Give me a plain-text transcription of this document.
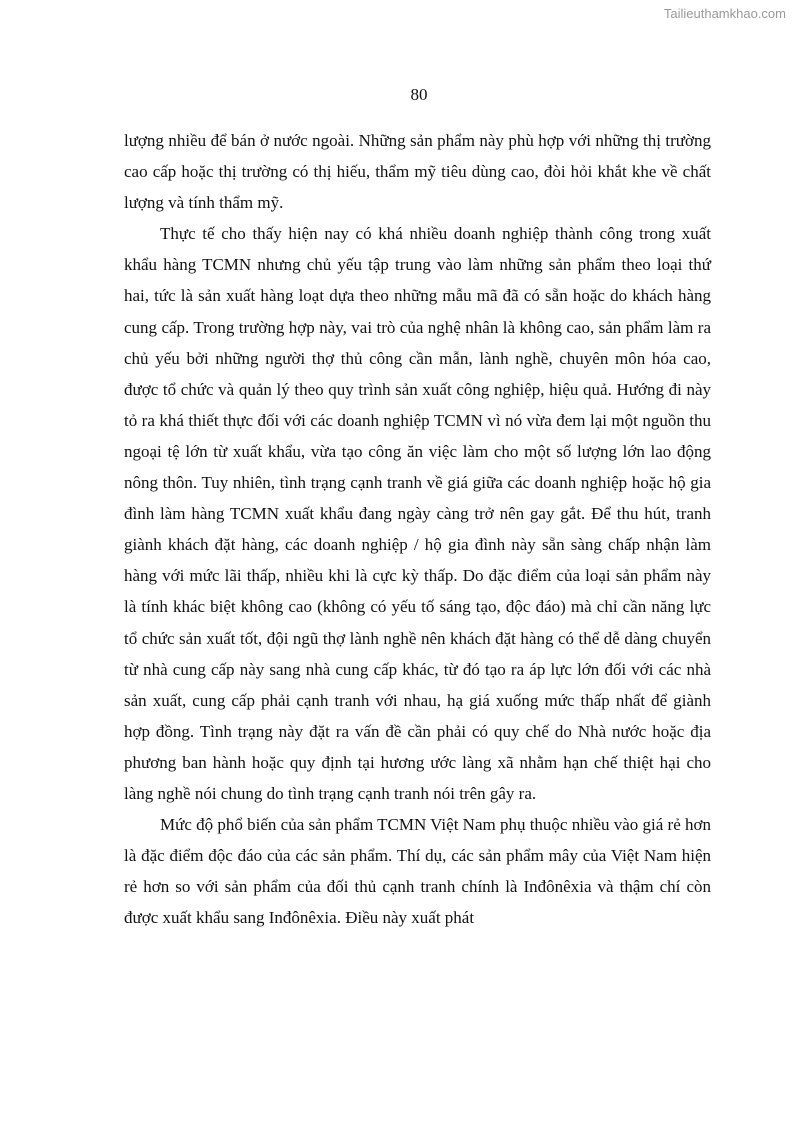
Tailieuthamkhao.com
80

lượng nhiều để bán ở nước ngoài. Những sản phẩm này phù hợp với những thị trường cao cấp hoặc thị trường có thị hiếu, thẩm mỹ tiêu dùng cao, đòi hỏi khắt khe về chất lượng và tính thẩm mỹ.

Thực tế cho thấy hiện nay có khá nhiều doanh nghiệp thành công trong xuất khẩu hàng TCMN nhưng chủ yếu tập trung vào làm những sản phẩm theo loại thứ hai, tức là sản xuất hàng loạt dựa theo những mẫu mã đã có sẵn hoặc do khách hàng cung cấp. Trong trường hợp này, vai trò của nghệ nhân là không cao, sản phẩm làm ra chủ yếu bởi những người thợ thủ công cần mẫn, lành nghề, chuyên môn hóa cao, được tổ chức và quản lý theo quy trình sản xuất công nghiệp, hiệu quả. Hướng đi này tỏ ra khá thiết thực đối với các doanh nghiệp TCMN vì nó vừa đem lại một nguồn thu ngoại tệ lớn từ xuất khẩu, vừa tạo công ăn việc làm cho một số lượng lớn lao động nông thôn. Tuy nhiên, tình trạng cạnh tranh về giá giữa các doanh nghiệp hoặc hộ gia đình làm hàng TCMN xuất khẩu đang ngày càng trở nên gay gắt. Để thu hút, tranh giành khách đặt hàng, các doanh nghiệp / hộ gia đình này sẵn sàng chấp nhận làm hàng với mức lãi thấp, nhiều khi là cực kỳ thấp. Do đặc điểm của loại sản phẩm này là tính khác biệt không cao (không có yếu tố sáng tạo, độc đáo) mà chỉ cần năng lực tổ chức sản xuất tốt, đội ngũ thợ lành nghề nên khách đặt hàng có thể dễ dàng chuyển từ nhà cung cấp này sang nhà cung cấp khác, từ đó tạo ra áp lực lớn đối với các nhà sản xuất, cung cấp phải cạnh tranh với nhau, hạ giá xuống mức thấp nhất để giành hợp đồng. Tình trạng này đặt ra vấn đề cần phải có quy chế do Nhà nước hoặc địa phương ban hành hoặc quy định tại hương ước làng xã nhằm hạn chế thiệt hại cho làng nghề nói chung do tình trạng cạnh tranh nói trên gây ra.

Mức độ phổ biến của sản phẩm TCMN Việt Nam phụ thuộc nhiều vào giá rẻ hơn là đặc điểm độc đáo của các sản phẩm. Thí dụ, các sản phẩm mây của Việt Nam hiện rẻ hơn so với sản phẩm của đối thủ cạnh tranh chính là Inđônêxia và thậm chí còn được xuất khẩu sang Inđônêxia. Điều này xuất phát
